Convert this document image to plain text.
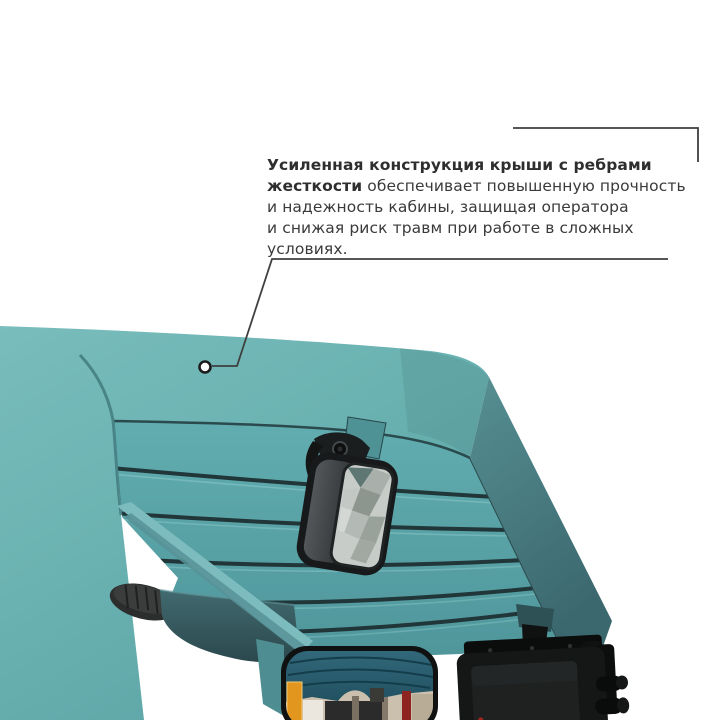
Усиленная конструкция крыши с ребрами
жесткости обеспечивает повышенную прочность
и надежность кабины, защищая оператора
и снижая риск травм при работе в сложных условиях.
